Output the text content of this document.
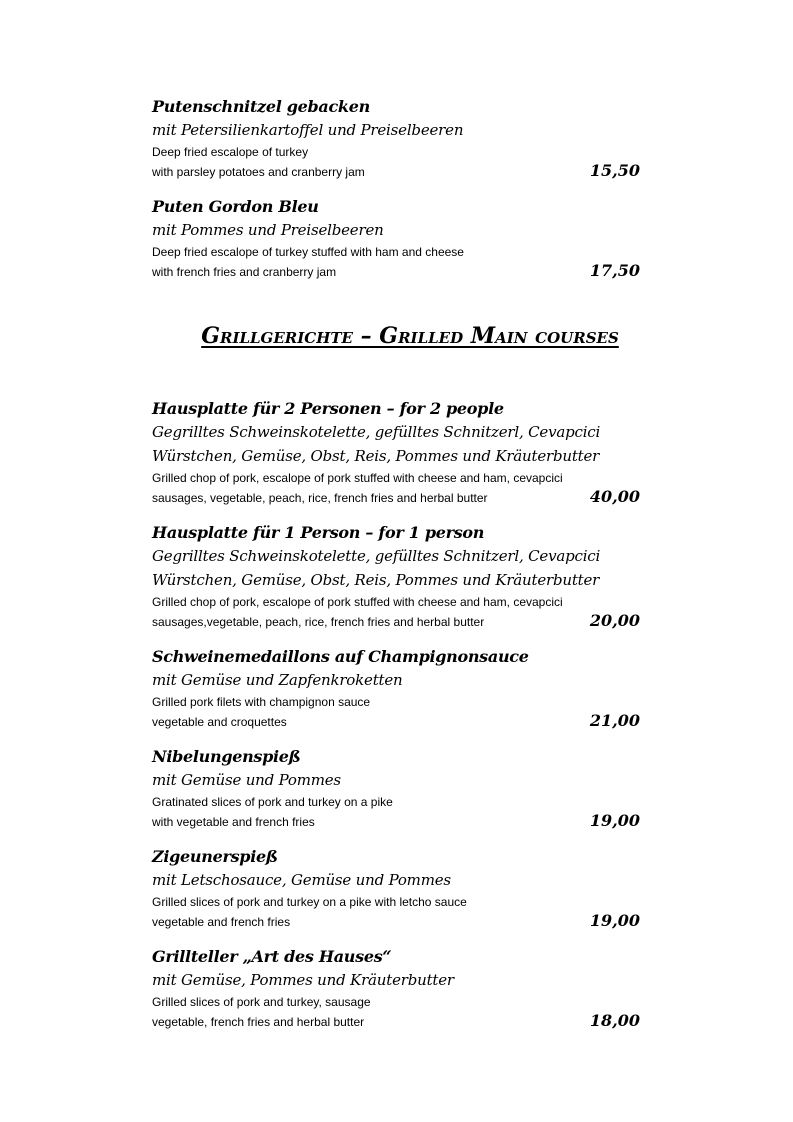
Putenschnitzel gebacken
mit Petersilienkartoffel und Preiselbeeren
Deep fried escalope of turkey
with parsley potatoes and cranberry jam	15,50
Puten Gordon Bleu
mit Pommes und Preiselbeeren
Deep fried escalope of turkey stuffed with ham and cheese
with french fries and cranberry jam	17,50
Grillgerichte – Grilled Main courses
Hausplatte für 2 Personen – for 2 people
Gegrilltes Schweinskotelette, gefülltes Schnitzerl, Cevapcici
Würstchen, Gemüse, Obst, Reis, Pommes und Kräuterbutter
Grilled chop of pork, escalope of pork stuffed with cheese and ham, cevapcici
sausages, vegetable, peach, rice, french fries and herbal butter	40,00
Hausplatte für 1 Person – for 1 person
Gegrilltes Schweinskotelette, gefülltes Schnitzerl, Cevapcici
Würstchen, Gemüse, Obst, Reis, Pommes und Kräuterbutter
Grilled chop of pork, escalope of pork stuffed with cheese and ham, cevapcici
sausages,vegetable, peach, rice, french fries and herbal butter	20,00
Schweinemedaillons auf Champignonsauce
mit Gemüse und Zapfenkroketten
Grilled pork filets with champignon sauce
vegetable and croquettes	21,00
Nibelungenspieß
mit Gemüse und Pommes
Gratinated slices of pork and turkey on a pike
with vegetable and french fries	19,00
Zigeunerspieß
mit Letschosauce, Gemüse und Pommes
Grilled slices of pork and turkey on a pike with letcho sauce
vegetable and french fries	19,00
Grillteller „Art des Hauses“
mit Gemüse, Pommes und Kräuterbutter
Grilled slices of pork and turkey, sausage
vegetable, french fries and herbal butter	18,00
